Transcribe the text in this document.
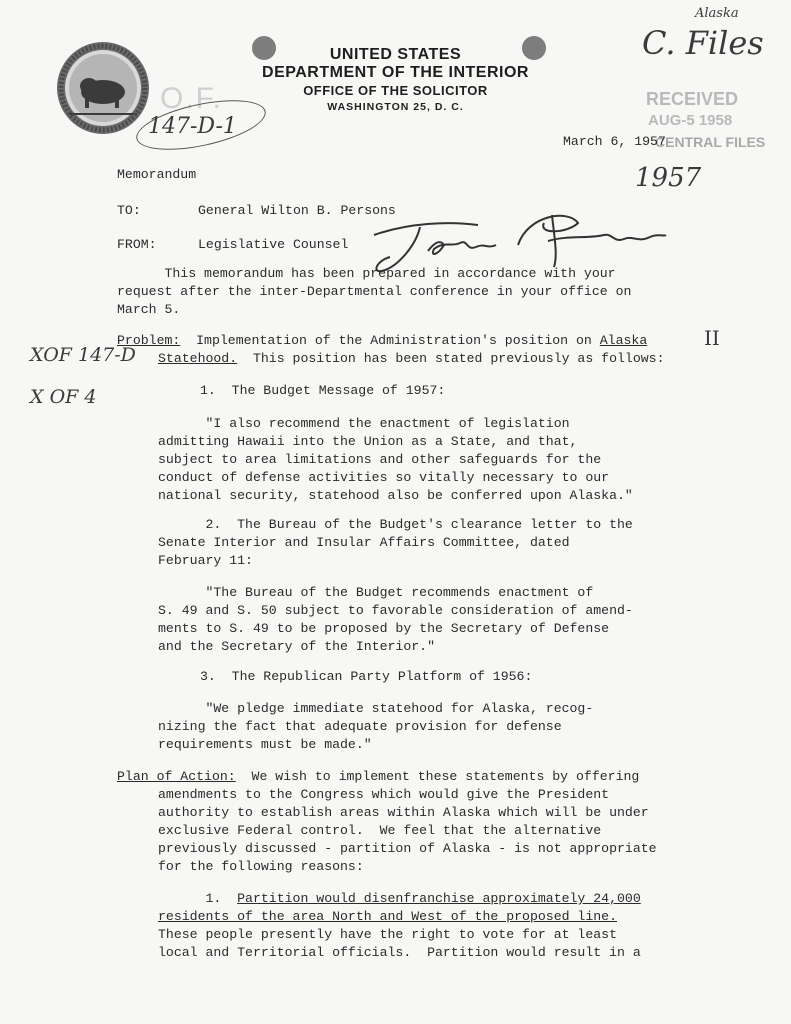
UNITED STATES
DEPARTMENT OF THE INTERIOR
OFFICE OF THE SOLICITOR
WASHINGTON 25, D. C.
Alaska
C. Files
O.F.
147-D-1
XOF 147-D
X OF 4
1957
II
RECEIVED
AUG-5 1958
CENTRAL FILES
March 6, 1957
Memorandum
TO:	General Wilton B. Persons
FROM:	Legislative Counsel
This memorandum has been prepared in accordance with your
request after the inter-Departmental conference in your office on
March 5.
Problem:  Implementation of the Administration's position on Alaska
Statehood.  This position has been stated previously as follows:
1.  The Budget Message of 1957:
"I also recommend the enactment of legislation
admitting Hawaii into the Union as a State, and that,
subject to area limitations and other safeguards for the
conduct of defense activities so vitally necessary to our
national security, statehood also be conferred upon Alaska."
2.  The Bureau of the Budget's clearance letter to the
Senate Interior and Insular Affairs Committee, dated
February 11:
"The Bureau of the Budget recommends enactment of
S. 49 and S. 50 subject to favorable consideration of amend-
ments to S. 49 to be proposed by the Secretary of Defense
and the Secretary of the Interior."
3.  The Republican Party Platform of 1956:
"We pledge immediate statehood for Alaska, recog-
nizing the fact that adequate provision for defense
requirements must be made."
Plan of Action:  We wish to implement these statements by offering
amendments to the Congress which would give the President
authority to establish areas within Alaska which will be under
exclusive Federal control.  We feel that the alternative
previously discussed - partition of Alaska - is not appropriate
for the following reasons:
1.  Partition would disenfranchise approximately 24,000
residents of the area North and West of the proposed line.
These people presently have the right to vote for at least
local and Territorial officials.  Partition would result in a
